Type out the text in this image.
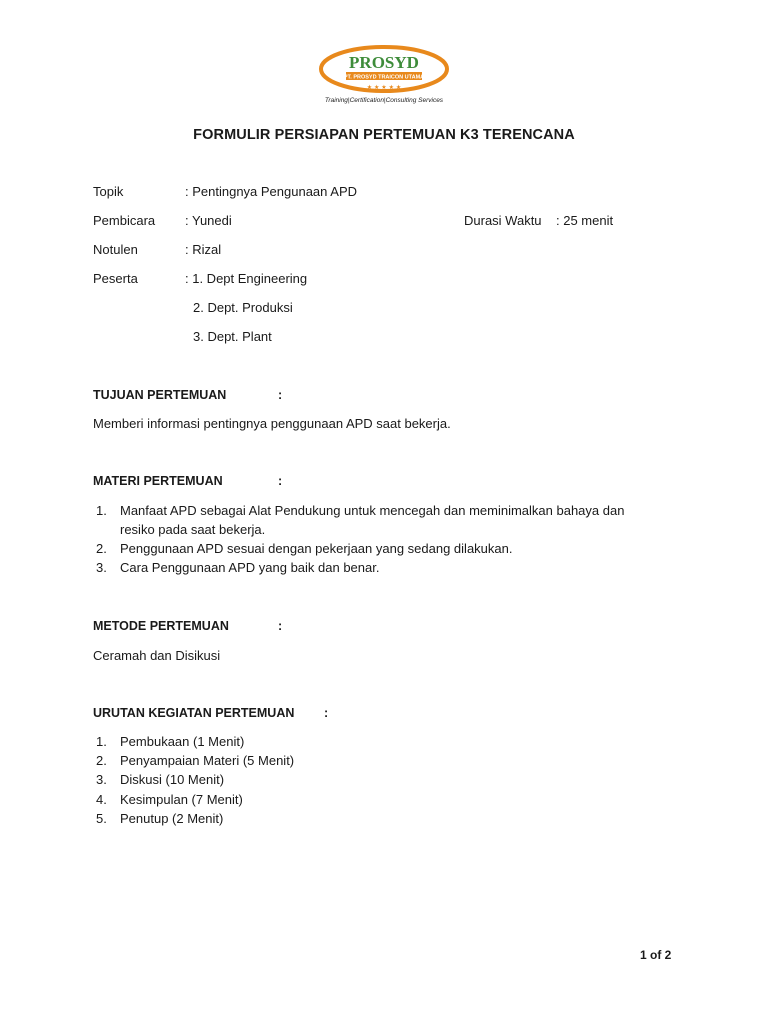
PROSYD
PT. PROSYD TRAICON UTAMA
★ ★ ★ ★ ★
Training|Certification|Consulting Services
FORMULIR PERSIAPAN PERTEMUAN K3 TERENCANA
Topik	: Pentingnya Pengunaan APD
Pembicara : Yunedi	Durasi Waktu : 25 menit
Notulen	: Rizal
Peserta	: 1. Dept Engineering
2. Dept. Produksi
3. Dept. Plant
TUJUAN PERTEMUAN	:
Memberi informasi pentingnya penggunaan APD saat bekerja.
MATERI PERTEMUAN	:
1. Manfaat APD sebagai Alat Pendukung untuk mencegah dan meminimalkan bahaya dan
resiko pada saat bekerja.
2. Penggunaan APD sesuai dengan pekerjaan yang sedang dilakukan.
3. Cara Penggunaan APD yang baik dan benar.
METODE PERTEMUAN	:
Ceramah dan Disikusi
URUTAN KEGIATAN PERTEMUAN :
1. Pembukaan (1 Menit)
2. Penyampaian Materi (5 Menit)
3. Diskusi (10 Menit)
4. Kesimpulan (7 Menit)
5. Penutup (2 Menit)
1 of 2
